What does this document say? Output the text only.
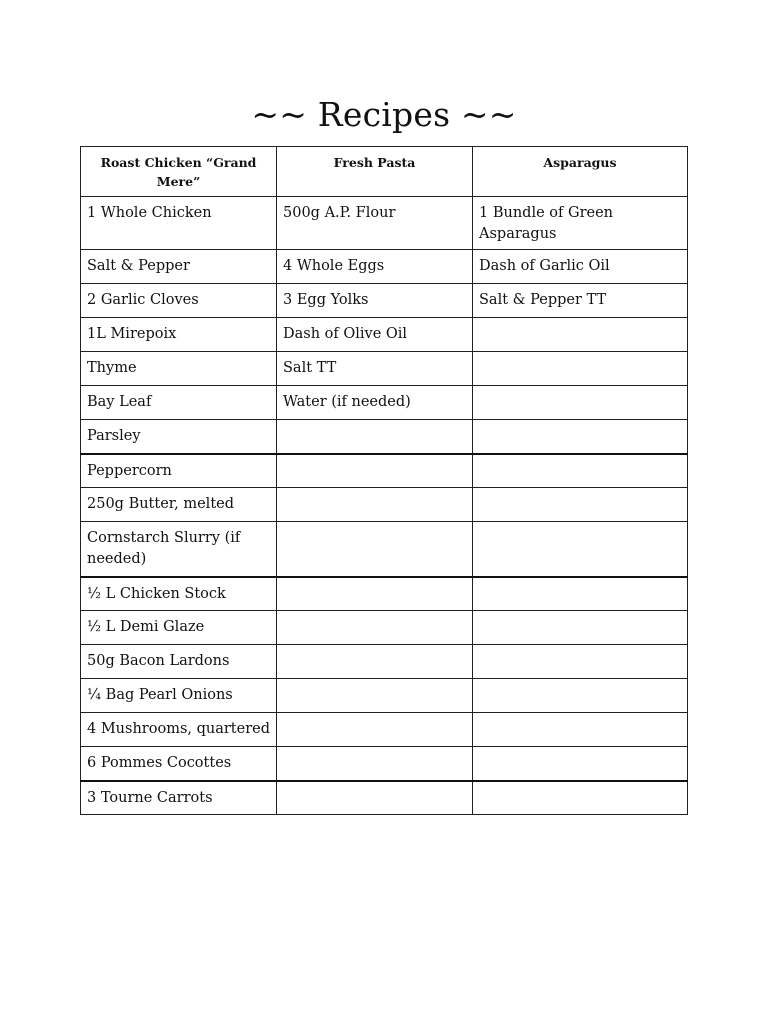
~~ Recipes ~~
Roast Chicken “Grand Mere”	Fresh Pasta	Asparagus
1 Whole Chicken	500g A.P. Flour	1 Bundle of Green Asparagus
Salt & Pepper	4 Whole Eggs	Dash of Garlic Oil
2 Garlic Cloves	3 Egg Yolks	Salt & Pepper TT
1L Mirepoix	Dash of Olive Oil	
Thyme	Salt TT	
Bay Leaf	Water (if needed)	
Parsley		
Peppercorn		
250g Butter, melted		
Cornstarch Slurry (if needed)		
½ L Chicken Stock		
½ L Demi Glaze		
50g Bacon Lardons		
¼ Bag Pearl Onions		
4 Mushrooms, quartered		
6 Pommes Cocottes		
3 Tourne Carrots		
